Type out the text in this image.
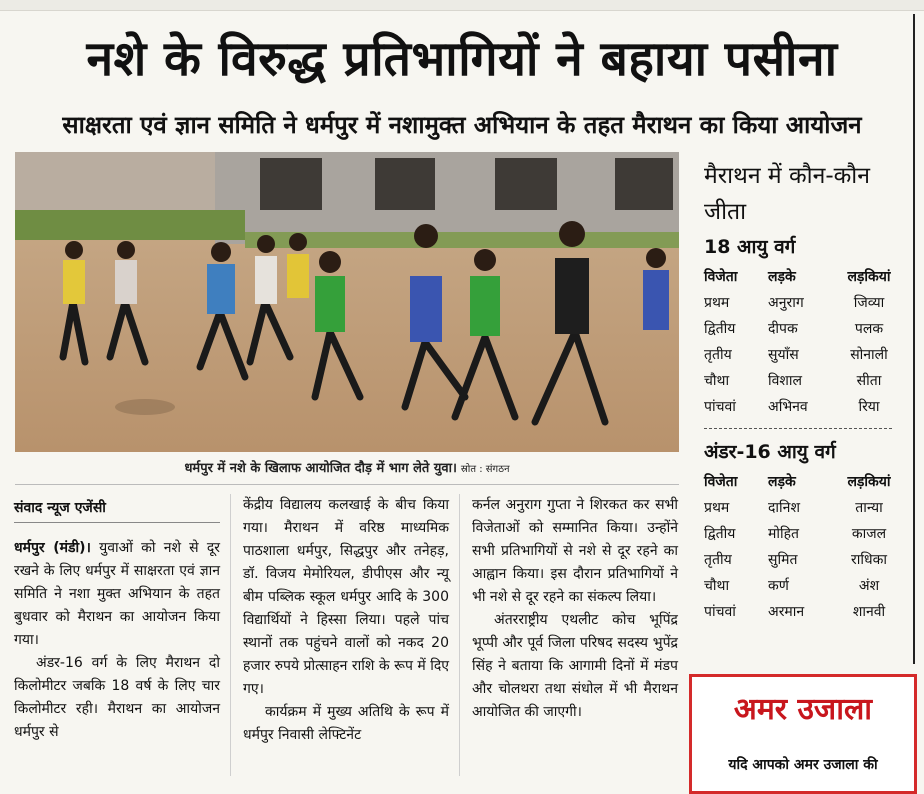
नशे के विरुद्ध प्रतिभागियों ने बहाया पसीना
साक्षरता एवं ज्ञान समिति ने धर्मपुर में नशामुक्त अभियान के तहत मैराथन का किया आयोजन
धर्मपुर में नशे के खिलाफ आयोजित दौड़ में भाग लेते युवा। स्रोत : संगठन
मैराथन में कौन-कौन जीता
18 आयु वर्ग
विजेता	लड़के	लड़कियां
प्रथम	अनुराग	जिव्या
द्वितीय	दीपक	पलक
तृतीय	सुयाँस	सोनाली
चौथा	विशाल	सीता
पांचवां	अभिनव	रिया
अंडर-16 आयु वर्ग
विजेता	लड़के	लड़कियां
प्रथम	दानिश	तान्या
द्वितीय	मोहित	काजल
तृतीय	सुमित	राधिका
चौथा	कर्ण	अंश
पांचवां	अरमान	शानवी
संवाद न्यूज एजेंसी

धर्मपुर (मंडी)। युवाओं को नशे से दूर रखने के लिए धर्मपुर में साक्षरता एवं ज्ञान समिति ने नशा मुक्त अभियान के तहत बुधवार को मैराथन का आयोजन किया गया।

अंडर-16 वर्ग के लिए मैराथन दो किलोमीटर जबकि 18 वर्ष के लिए चार किलोमीटर रही। मैराथन का आयोजन धर्मपुर से

केंद्रीय विद्यालय कलखाई के बीच किया गया। मैराथन में वरिष्ठ माध्यमिक पाठशाला धर्मपुर, सिद्धपुर और तनेहड़, डॉ. विजय मेमोरियल, डीपीएस और न्यू बीम पब्लिक स्कूल धर्मपुर आदि के 300 विद्यार्थियों ने हिस्सा लिया। पहले पांच स्थानों तक पहुंचने वालों को नकद 20 हजार रुपये प्रोत्साहन राशि के रूप में दिए गए।

कार्यक्रम में मुख्य अतिथि के रूप में धर्मपुर निवासी लेफ्टिनेंट

कर्नल अनुराग गुप्ता ने शिरकत कर सभी विजेताओं को सम्मानित किया। उन्होंने सभी प्रतिभागियों से नशे से दूर रहने का आह्वान किया। इस दौरान प्रतिभागियों ने भी नशे से दूर रहने का संकल्प लिया।

अंतरराष्ट्रीय एथलीट कोच भूपिंद्र भूप्पी और पूर्व जिला परिषद सदस्य भुपेंद्र सिंह ने बताया कि आगामी दिनों में मंडप और चोलथरा तथा संधोल में भी मैराथन आयोजित की जाएगी।	अमर उजाला
यदि आपको अमर उजाला की
